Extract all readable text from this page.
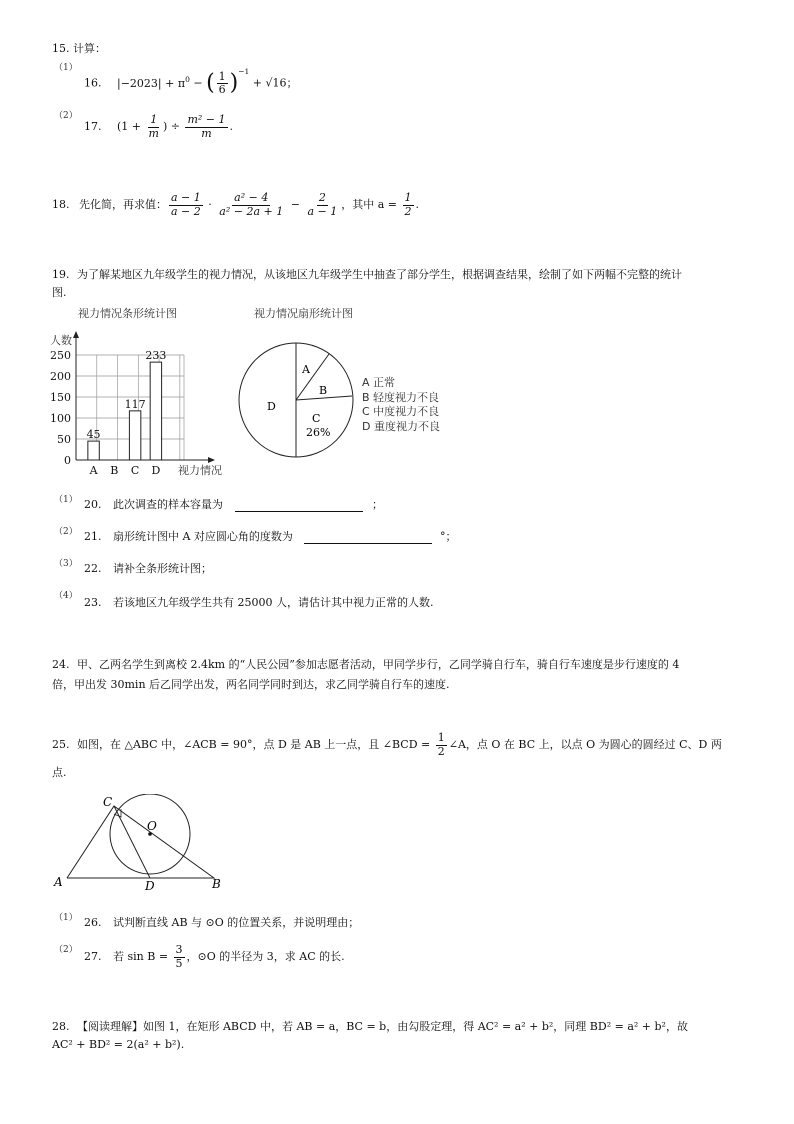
15. 计算：
（1）
16. $|-2023| + \pi^0$ − ( $\frac{1}{6} )^{-1} + √16$；
（2）
17. ($1 + \frac{1}{m}$ ) ÷ $\frac{\text{m² − 1}}{m}$ .
18. 先化简，再求值： $\frac{a - 1}{a - 2} \cdot \frac{\text{a² − 4}}{\text{a² − 2a + 1}} - \frac{2}{a - 1}$ ，其中 $a = \frac{1}{2}$ .
19. 为了解某地区九年级学生的视力情况，从该地区九年级学生中抽查了部分学生，根据调查结果，绘制了如下两幅不完整的统计
图.
视力情况条形统计图
0
50
100
150
200
250
A B C D
45
117
233
人数
视力情况
视力情况扇形统计图
A
B
C
26%
D
A 正常
B 轻度视力不良
C 中度视力不良
D 重度视力不良
（1） 20. 此次调查的样本容量为	；
（2） 21. 扇形统计图中 A 对应圆心角的度数为	°；
（3） 22. 请补全条形统计图；
（4） 23. 若该地区九年级学生共有 25000 人，请估计其中视力正常的人数.
24. 甲、乙两名学生到离校 2.4km 的“人民公园”参加志愿者活动，甲同学步行，乙同学骑自行车，骑自行车速度是步行速度的 4
倍，甲出发 30min 后乙同学出发，两名同学同时到达，求乙同学骑自行车的速度.
25. 如图，在 △ABC 中，∠ACB = 90°，点 D 是 AB 上一点，且 ∠BCD = $\frac{1}{2}$ ∠A，点 O 在 BC 上，以点 O 为圆心的圆经过 C、D 两
点.
C
O
A	D	B
（1） 26. 试判断直线 AB 与 ⊙O 的位置关系，并说明理由；
（2） 27. 若 $\sin B = \frac{3}{5}$ ，⊙O 的半径为 3，求 AC 的长.
28. 【阅读理解】如图 1，在矩形 ABCD 中，若 AB = a，BC = b，由勾股定理，得 AC² = a² + b²，同理 BD² = a² + b²，故
AC² + BD² = 2(a² + b²).
